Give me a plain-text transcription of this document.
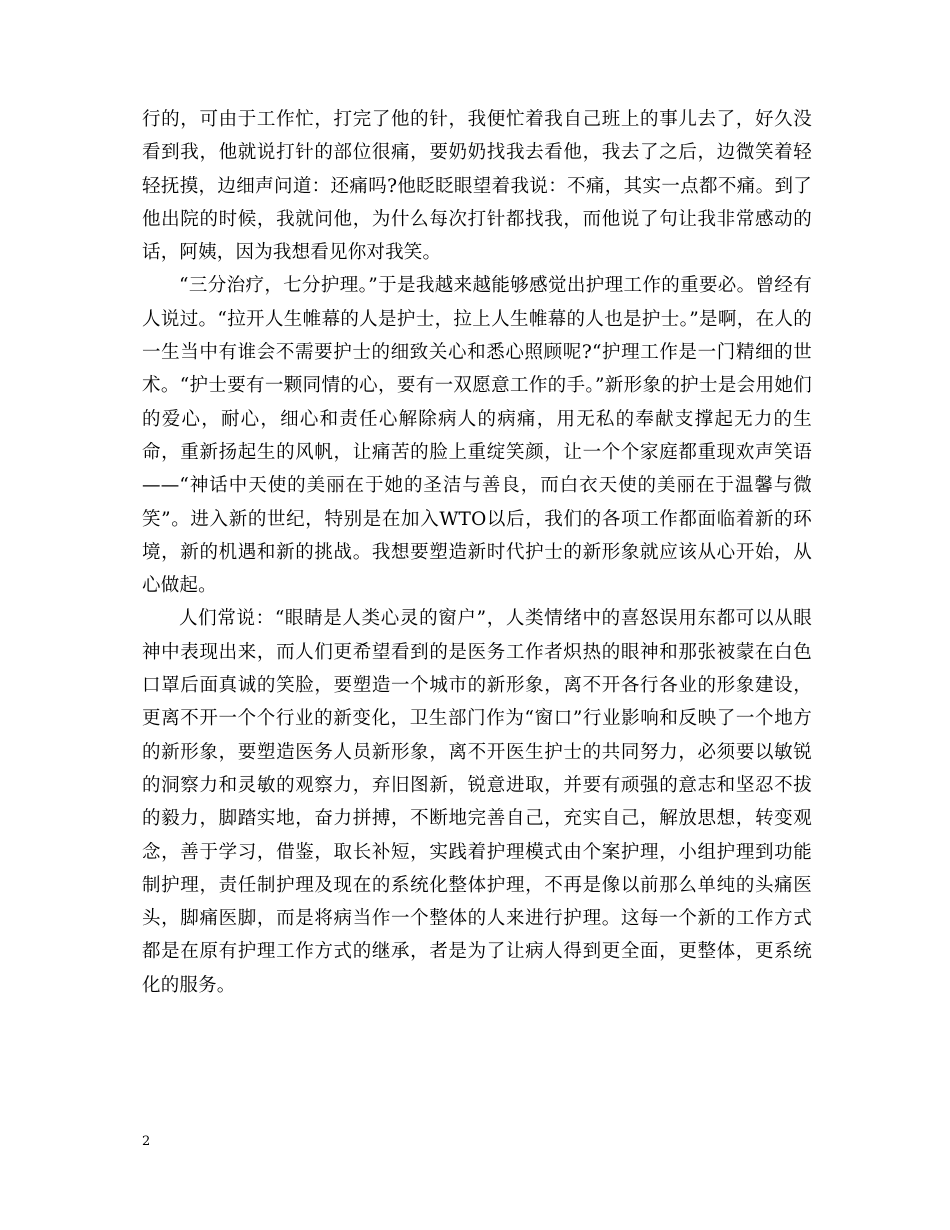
行的，可由于工作忙，打完了他的针，我便忙着我自己班上的事儿去了，好久没看到我，他就说打针的部位很痛，要奶奶找我去看他，我去了之后，边微笑着轻轻抚摸，边细声问道：还痛吗?他眨眨眼望着我说：不痛，其实一点都不痛。到了他出院的时候，我就问他，为什么每次打针都找我，而他说了句让我非常感动的话，阿姨，因为我想看见你对我笑。

“三分治疗，七分护理。”于是我越来越能够感觉出护理工作的重要必。曾经有人说过。“拉开人生帷幕的人是护士，拉上人生帷幕的人也是护士。”是啊，在人的一生当中有谁会不需要护士的细致关心和悉心照顾呢?“护理工作是一门精细的世术。“护士要有一颗同情的心，要有一双愿意工作的手。”新形象的护士是会用她们的爱心，耐心，细心和责任心解除病人的病痛，用无私的奉献支撑起无力的生命，重新扬起生的风帆，让痛苦的脸上重绽笑颜，让一个个家庭都重现欢声笑语——“神话中天使的美丽在于她的圣洁与善良，而白衣天使的美丽在于温馨与微笑”。进入新的世纪，特别是在加入WTO以后，我们的各项工作都面临着新的环境，新的机遇和新的挑战。我想要塑造新时代护士的新形象就应该从心开始，从心做起。

人们常说：“眼睛是人类心灵的窗户”，人类情绪中的喜怒误用东都可以从眼神中表现出来，而人们更希望看到的是医务工作者炽热的眼神和那张被蒙在白色口罩后面真诚的笑脸，要塑造一个城市的新形象，离不开各行各业的形象建设，更离不开一个个行业的新变化，卫生部门作为“窗口”行业影响和反映了一个地方的新形象，要塑造医务人员新形象，离不开医生护士的共同努力，必须要以敏锐的洞察力和灵敏的观察力，弃旧图新，锐意进取，并要有顽强的意志和坚忍不拔的毅力，脚踏实地，奋力拼搏，不断地完善自己，充实自己，解放思想，转变观念，善于学习，借鉴，取长补短，实践着护理模式由个案护理，小组护理到功能制护理，责任制护理及现在的系统化整体护理，不再是像以前那么单纯的头痛医头，脚痛医脚，而是将病当作一个整体的人来进行护理。这每一个新的工作方式都是在原有护理工作方式的继承，者是为了让病人得到更全面，更整体，更系统化的服务。

2
